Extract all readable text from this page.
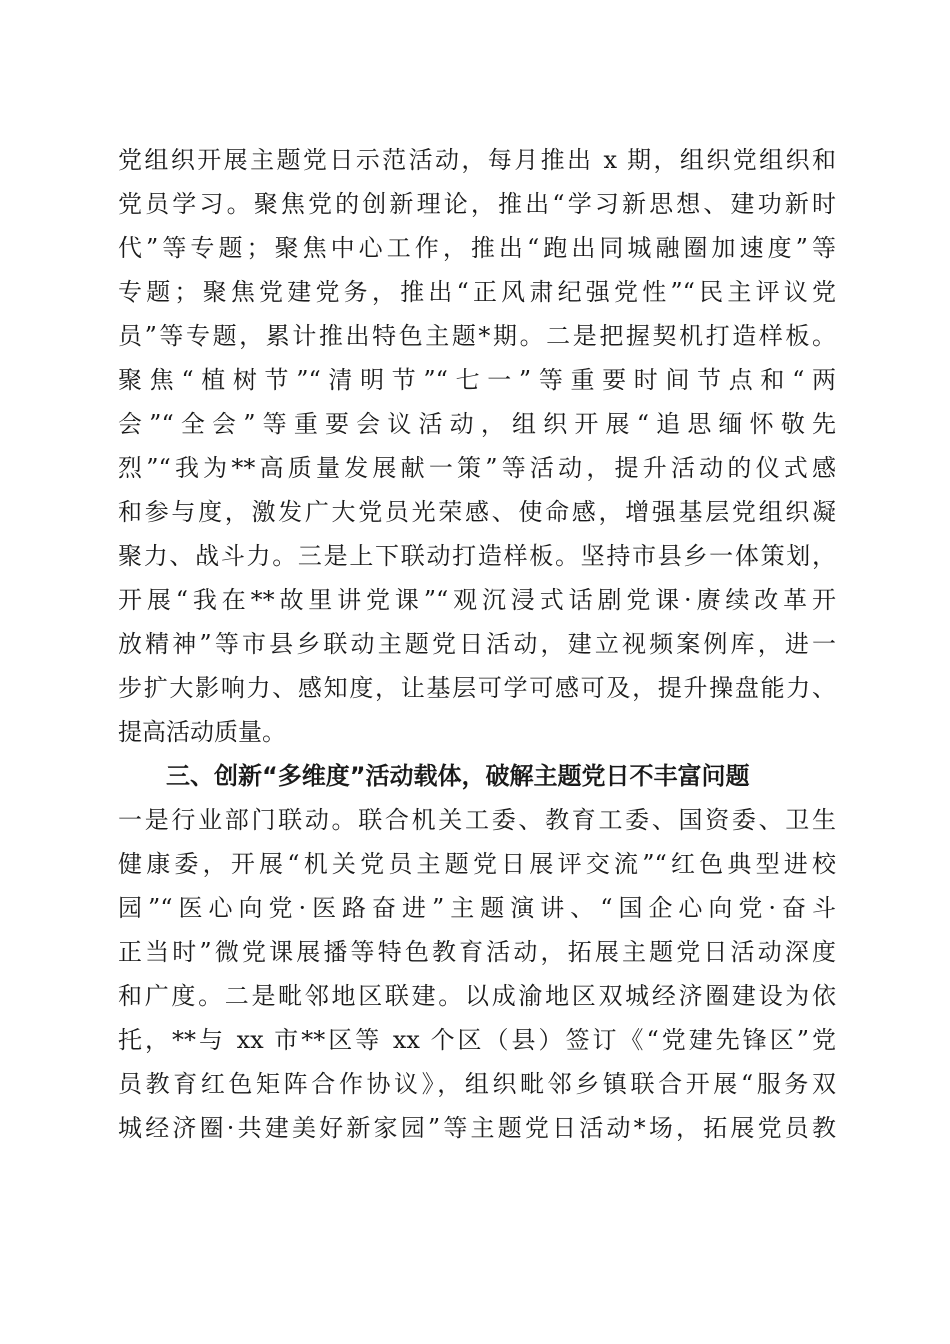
党组织开展主题党日示范活动，每月推出 x 期，组织党组织和
党员学习。聚焦党的创新理论，推出“学习新思想、建功新时
代”等专题；聚焦中心工作，推出“跑出同城融圈加速度”等
专题；聚焦党建党务，推出“正风肃纪强党性”“民主评议党
员”等专题，累计推出特色主题*期。二是把握契机打造样板。
聚焦“植树节”“清明节”“七一”等重要时间节点和“两
会”“全会”等重要会议活动，组织开展“追思缅怀敬先
烈”“我为**高质量发展献一策”等活动，提升活动的仪式感
和参与度，激发广大党员光荣感、使命感，增强基层党组织凝
聚力、战斗力。三是上下联动打造样板。坚持市县乡一体策划，
开展“我在**故里讲党课”“观沉浸式话剧党课·赓续改革开
放精神”等市县乡联动主题党日活动，建立视频案例库，进一
步扩大影响力、感知度，让基层可学可感可及，提升操盘能力、
提高活动质量。
三、创新“多维度”活动载体，破解主题党日不丰富问题
一是行业部门联动。联合机关工委、教育工委、国资委、卫生
健康委，开展“机关党员主题党日展评交流”“红色典型进校
园”“医心向党·医路奋进”主题演讲、“国企心向党·奋斗
正当时”微党课展播等特色教育活动，拓展主题党日活动深度
和广度。二是毗邻地区联建。以成渝地区双城经济圈建设为依
托，**与 xx 市**区等 xx 个区（县）签订《“党建先锋区”党
员教育红色矩阵合作协议》，组织毗邻乡镇联合开展“服务双
城经济圈·共建美好新家园”等主题党日活动*场，拓展党员教
